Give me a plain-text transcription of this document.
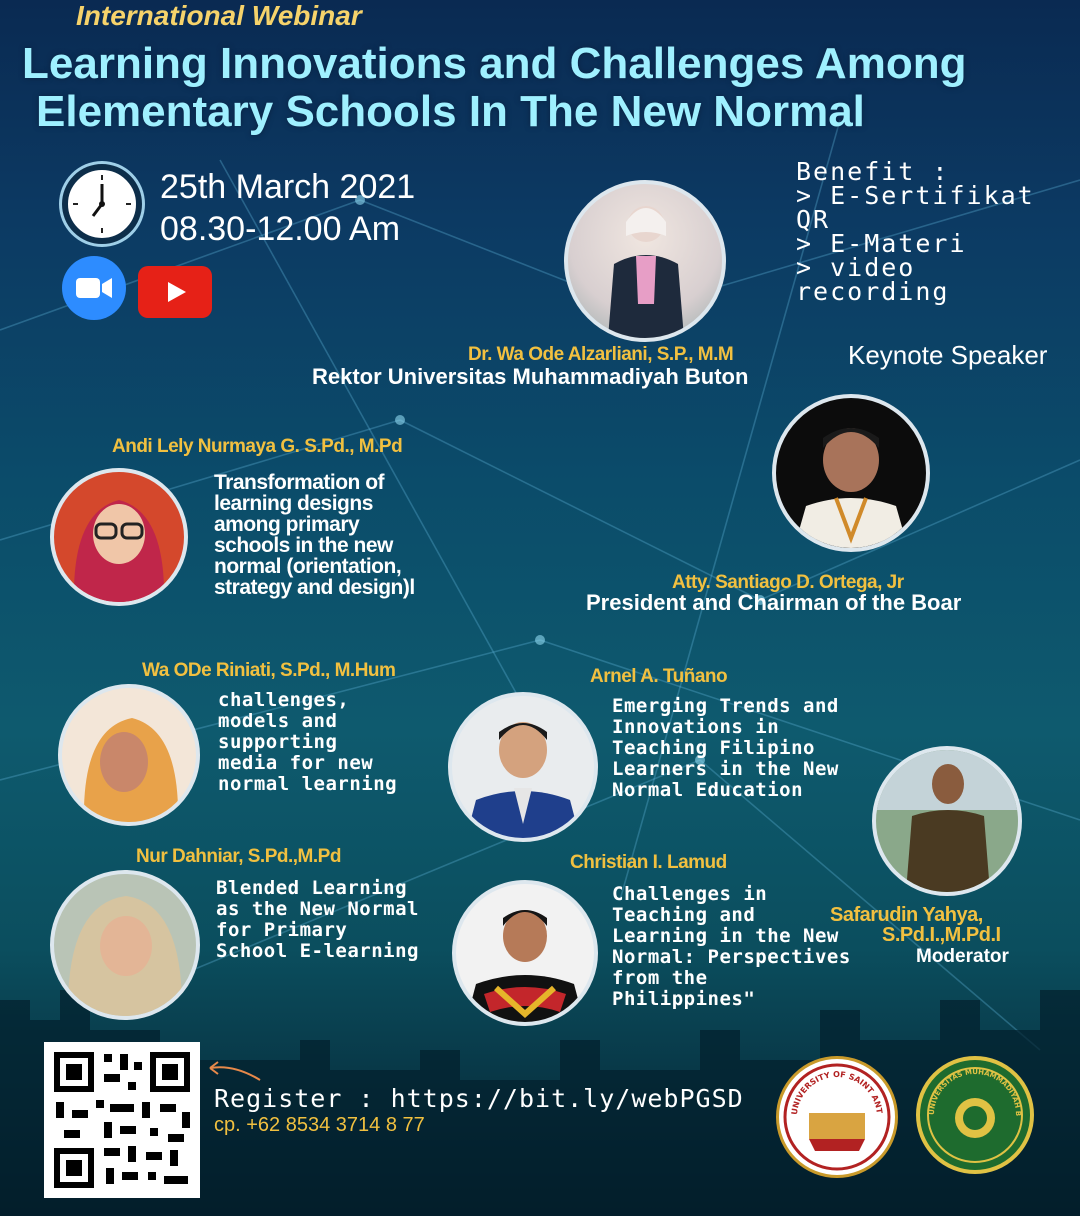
International Webinar
Learning Innovations and Challenges Among
Elementary Schools In The New Normal
25th March 2021
08.30-12.00 Am
Benefit :
> E-Sertifikat QR
> E-Materi
> video recording
Dr. Wa Ode Alzarliani, S.P., M.M
Rektor Universitas Muhammadiyah Buton
Keynote Speaker
Atty. Santiago D. Ortega, Jr
President and Chairman of the Boar
Andi Lely Nurmaya G. S.Pd., M.Pd
Transformation of learning designs among primary schools in the new normal (orientation, strategy and design)l
Wa ODe Riniati, S.Pd., M.Hum
challenges, models and supporting media for new normal learning
Nur Dahniar, S.Pd.,M.Pd
Blended Learning as the New Normal for Primary School E-learning
Arnel A. Tuñano
Emerging Trends and Innovations in Teaching Filipino Learners in the New Normal Education
Christian I. Lamud
Challenges in Teaching and Learning in the New Normal: Perspectives from the Philippines"
Safarudin Yahya,
S.Pd.I.,M.Pd.I
Moderator
Register : https://bit.ly/webPGSD
cp. +62 8534 3714 8 77
UNIVERSITY OF SAINT ANT	UNIVERSITAS MUHAMMADIYAH B
